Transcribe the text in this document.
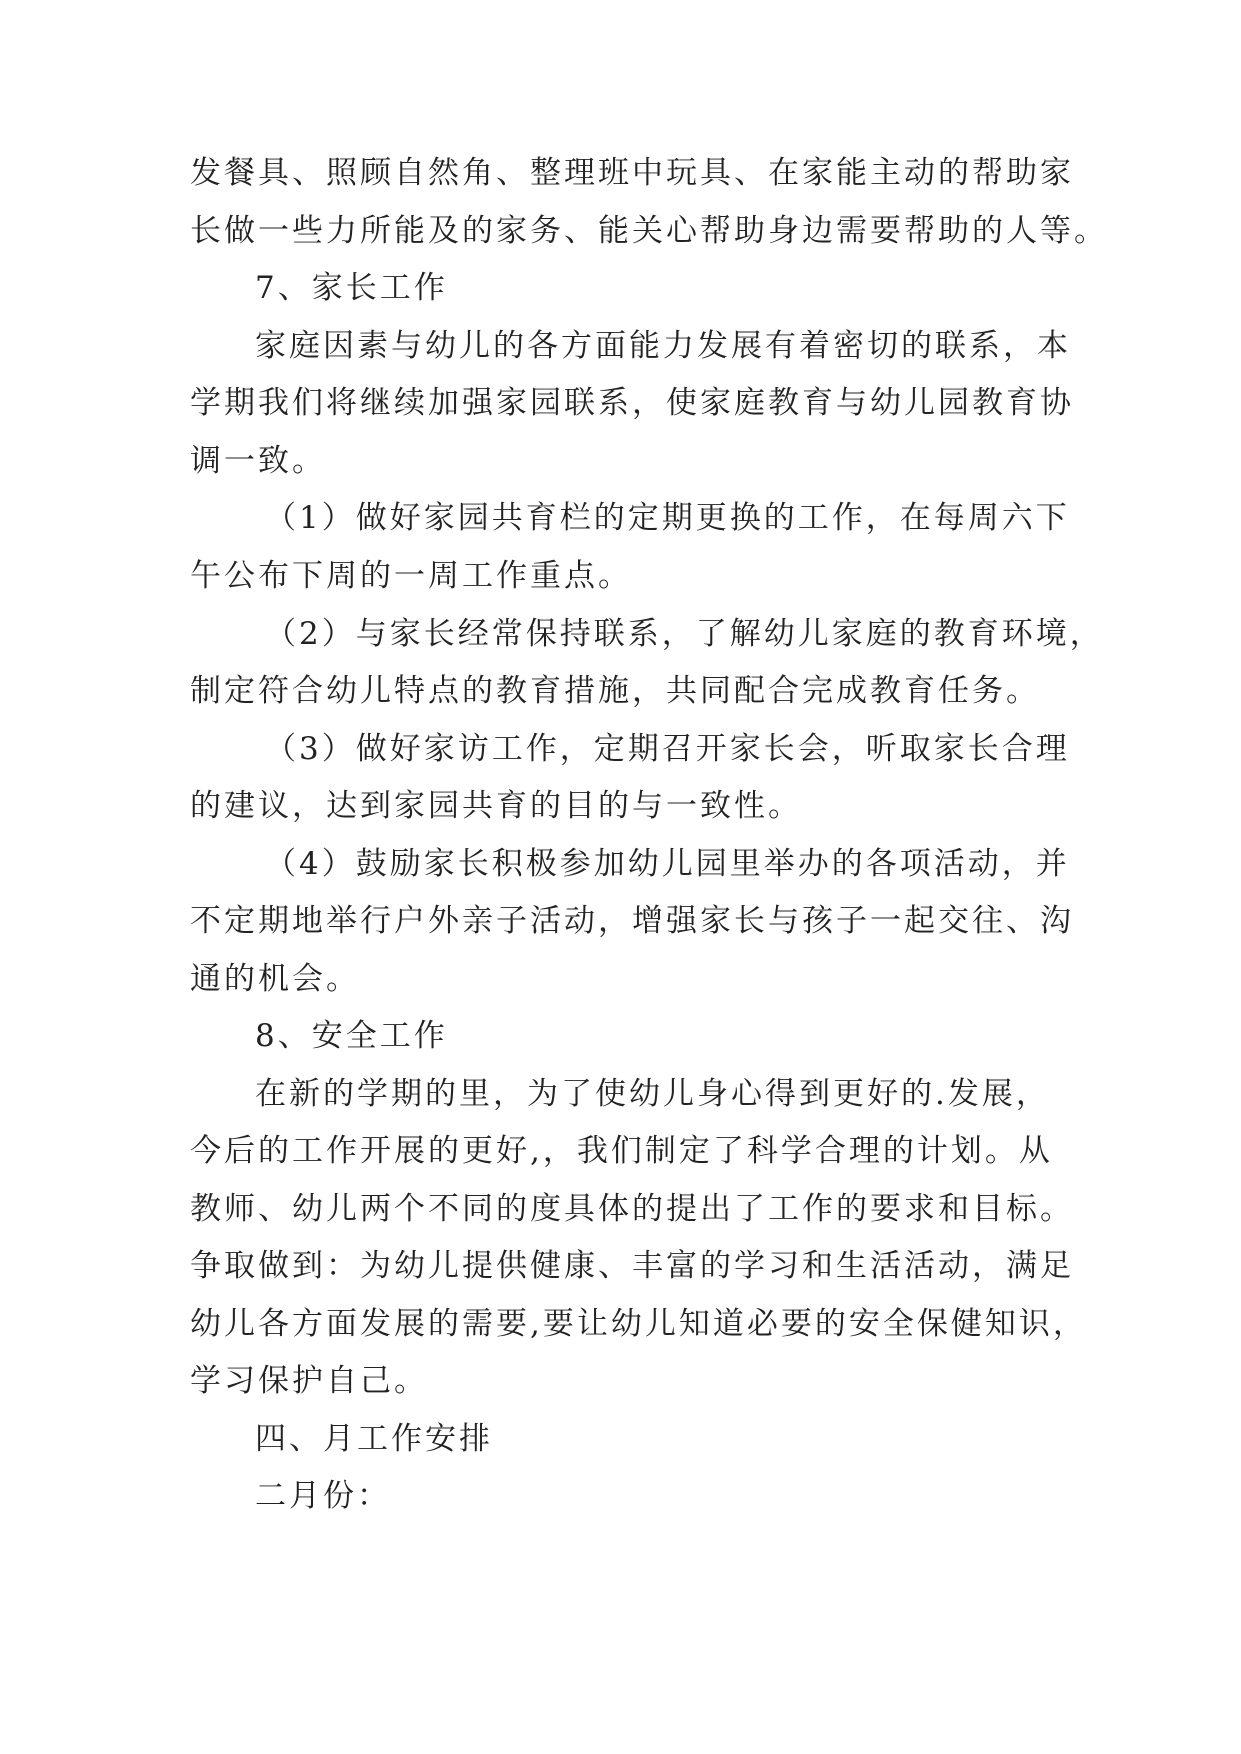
发餐具、照顾自然角、整理班中玩具、在家能主动的帮助家
长做一些力所能及的家务、能关心帮助身边需要帮助的人等。
7、家长工作
家庭因素与幼儿的各方面能力发展有着密切的联系，本
学期我们将继续加强家园联系，使家庭教育与幼儿园教育协
调一致。
（1）做好家园共育栏的定期更换的工作，在每周六下
午公布下周的一周工作重点。
（2）与家长经常保持联系，了解幼儿家庭的教育环境，
制定符合幼儿特点的教育措施，共同配合完成教育任务。
（3）做好家访工作，定期召开家长会，听取家长合理
的建议，达到家园共育的目的与一致性。
（4）鼓励家长积极参加幼儿园里举办的各项活动，并
不定期地举行户外亲子活动，增强家长与孩子一起交往、沟
通的机会。
8、安全工作
在新的学期的里，为了使幼儿身心得到更好的.发展，
今后的工作开展的更好,，我们制定了科学合理的计划。从
教师、幼儿两个不同的度具体的提出了工作的要求和目标。
争取做到：为幼儿提供健康、丰富的学习和生活活动，满足
幼儿各方面发展的需要,要让幼儿知道必要的安全保健知识，
学习保护自己。
四、月工作安排
二月份：
